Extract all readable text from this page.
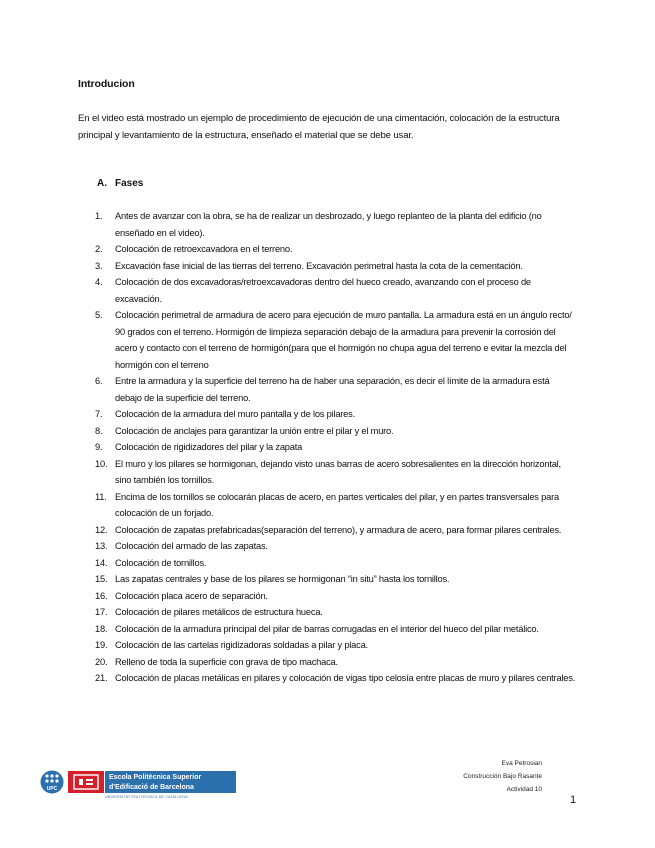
Introducion
En el video está mostrado un ejemplo de procedimiento de ejecución de una cimentación, colocación de la estructura principal y levantamiento de la estructura, enseñado el material que se debe usar.
A. Fases
1. Antes de avanzar con la obra, se ha de realizar un desbrozado, y luego replanteo de la planta del edificio (no enseñado en el video).
2. Colocación de retroexcavadora en el terreno.
3. Excavación fase inicial de las tierras del terreno. Excavación perimetral hasta la cota de la cementación.
4. Colocación de dos excavadoras/retroexcavadoras dentro del hueco creado, avanzando con el proceso de excavación.
5. Colocación perimetral de armadura de acero para ejecución de muro pantalla. La armadura está en un ángulo recto/ 90 grados con el terreno. Hormigón de limpieza separación debajo de la armadura para prevenir la corrosión del acero y contacto con el terreno de hormigón(para que el hormigón no chupa agua del terreno e evitar la mezcla del hormigón con el terreno
6. Entre la armadura y la superficie del terreno ha de haber una separación, es decir el límite de la armadura está debajo de la superficie del terreno.
7. Colocación de la armadura del muro pantalla y de los pilares.
8. Colocación de anclajes para garantizar la unión entre el pilar y el muro.
9. Colocación de rigidizadores del pilar y la zapata
10. El muro y los pilares se hormigonan, dejando visto unas barras de acero sobresalientes en la dirección horizontal, sino también los tornillos.
11. Encima de los tornillos se colocarán placas de acero, en partes verticales del pilar, y en partes transversales para colocación de un forjado.
12. Colocación de zapatas prefabricadas(separación del terreno), y armadura de acero, para formar pilares centrales.
13. Colocación del armado de las zapatas.
14. Colocación de tornillos.
15. Las zapatas centrales y base de los pilares se hormigonan “in situ” hasta los tornillos.
16. Colocación placa acero de separación.
17. Colocación de pilares metálicos de estructura hueca.
18. Colocación de la armadura principal del pilar de barras corrugadas en el interior del hueco del pilar metálico.
19. Colocación de las cartelas rigidizadoras soldadas a pilar y placa.
20. Relleno de toda la superficie con grava de tipo machaca.
21. Colocación de placas metálicas en pilares y colocación de vigas tipo celosía entre placas de muro y pilares centrales.
Eva Petrosian
Construcción Bajo Rasante
Actividad 10
1
UPC
Escola Politècnica Superior
d'Edificació de Barcelona
UNIVERSITAT POLITÈCNICA DE CATALUNYA
